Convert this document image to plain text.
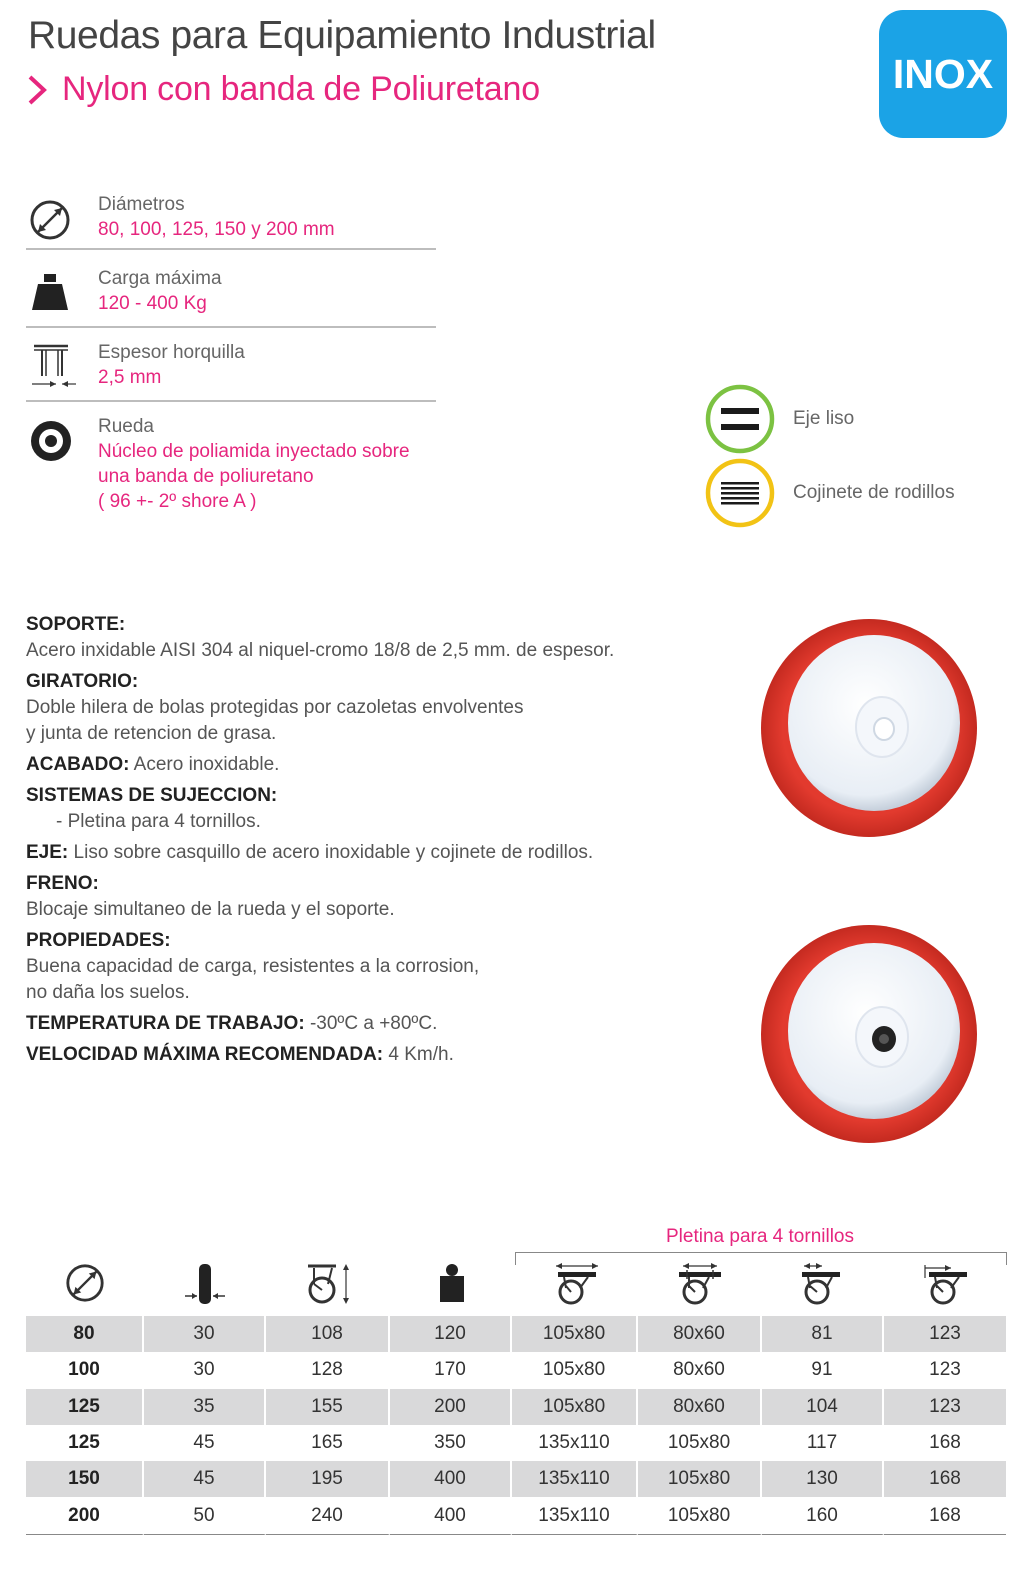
Ruedas para Equipamiento Industrial
Nylon con banda de Poliuretano	INOX
Diámetros
80, 100, 125, 150 y 200 mm
Carga máxima
120 - 400 Kg
Espesor horquilla
2,5 mm
Rueda
Núcleo de poliamida inyectado sobre
una banda de poliuretano
( 96 +- 2º shore A )
Eje liso
Cojinete de rodillos
SOPORTE:
Acero inxidable AISI 304 al niquel-cromo 18/8 de 2,5 mm. de espesor.
GIRATORIO:
Doble hilera de bolas protegidas por cazoletas envolventes
y junta de retencion de grasa.
ACABADO: Acero inoxidable.
SISTEMAS DE SUJECCION:
- Pletina para 4 tornillos.
EJE: Liso sobre casquillo de acero inoxidable y cojinete de rodillos.
FRENO:
Blocaje simultaneo de la rueda y el soporte.
PROPIEDADES:
Buena capacidad de carga, resistentes a la corrosion,
no daña los suelos.
TEMPERATURA DE TRABAJO: -30ºC a +80ºC.
VELOCIDAD MÁXIMA RECOMENDADA: 4 Km/h.
Pletina para 4 tornillos
80	30	108	120	105x80	80x60	81	123
100	30	128	170	105x80	80x60	91	123
125	35	155	200	105x80	80x60	104	123
125	45	165	350	135x110	105x80	117	168
150	45	195	400	135x110	105x80	130	168
200	50	240	400	135x110	105x80	160	168
